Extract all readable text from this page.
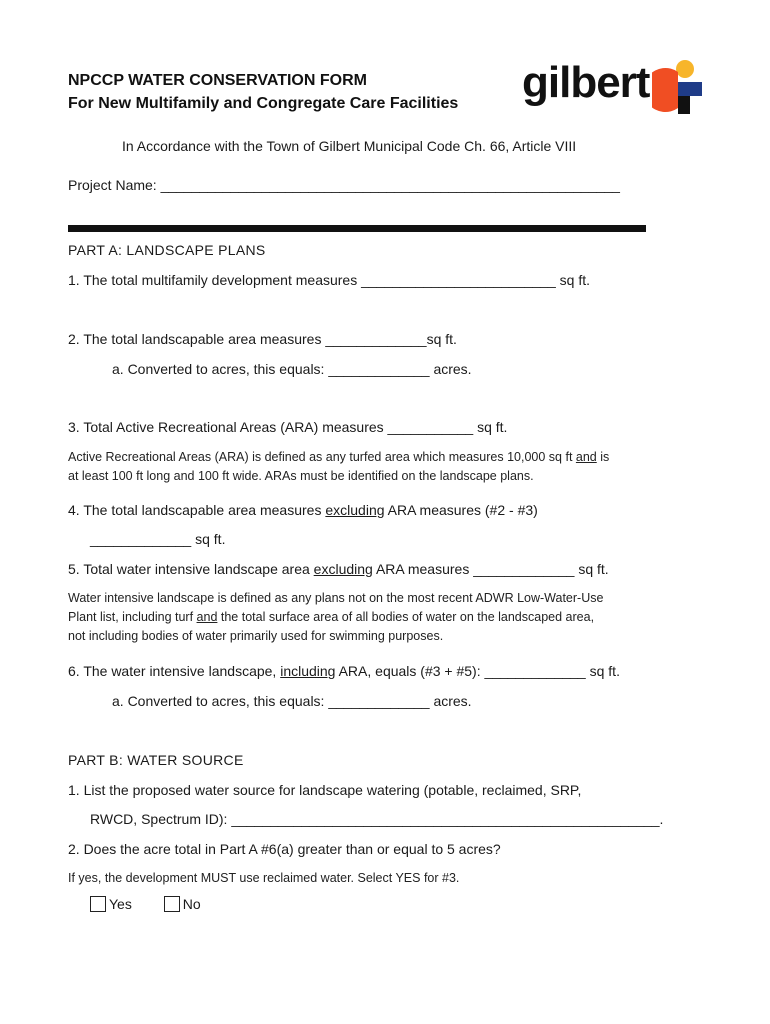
NPCCP WATER CONSERVATION FORM
For New Multifamily and Congregate Care Facilities gilbert
In Accordance with the Town of Gilbert Municipal Code Ch. 66, Article VIII
Project Name: ___________________________________________________________
PART A: LANDSCAPE PLANS
1. The total multifamily development measures _________________________ sq ft.
2. The total landscapable area measures _____________sq ft.
a. Converted to acres, this equals: _____________ acres.
3. Total Active Recreational Areas (ARA) measures ___________ sq ft.
Active Recreational Areas (ARA) is defined as any turfed area which measures 10,000 sq ft and is
at least 100 ft long and 100 ft wide. ARAs must be identified on the landscape plans.
4. The total landscapable area measures excluding ARA measures (#2 - #3)
_____________ sq ft.
5. Total water intensive landscape area excluding ARA measures _____________ sq ft.
Water intensive landscape is defined as any plans not on the most recent ADWR Low-Water-Use
Plant list, including turf and the total surface area of all bodies of water on the landscaped area,
not including bodies of water primarily used for swimming purposes.
6. The water intensive landscape, including ARA, equals (#3 + #5): _____________ sq ft.
a. Converted to acres, this equals: _____________ acres.
PART B: WATER SOURCE
1. List the proposed water source for landscape watering (potable, reclaimed, SRP,
RWCD, Spectrum ID): _______________________________________________________.
2. Does the acre total in Part A #6(a) greater than or equal to 5 acres?
If yes, the development MUST use reclaimed water. Select YES for #3.
Yes	No
